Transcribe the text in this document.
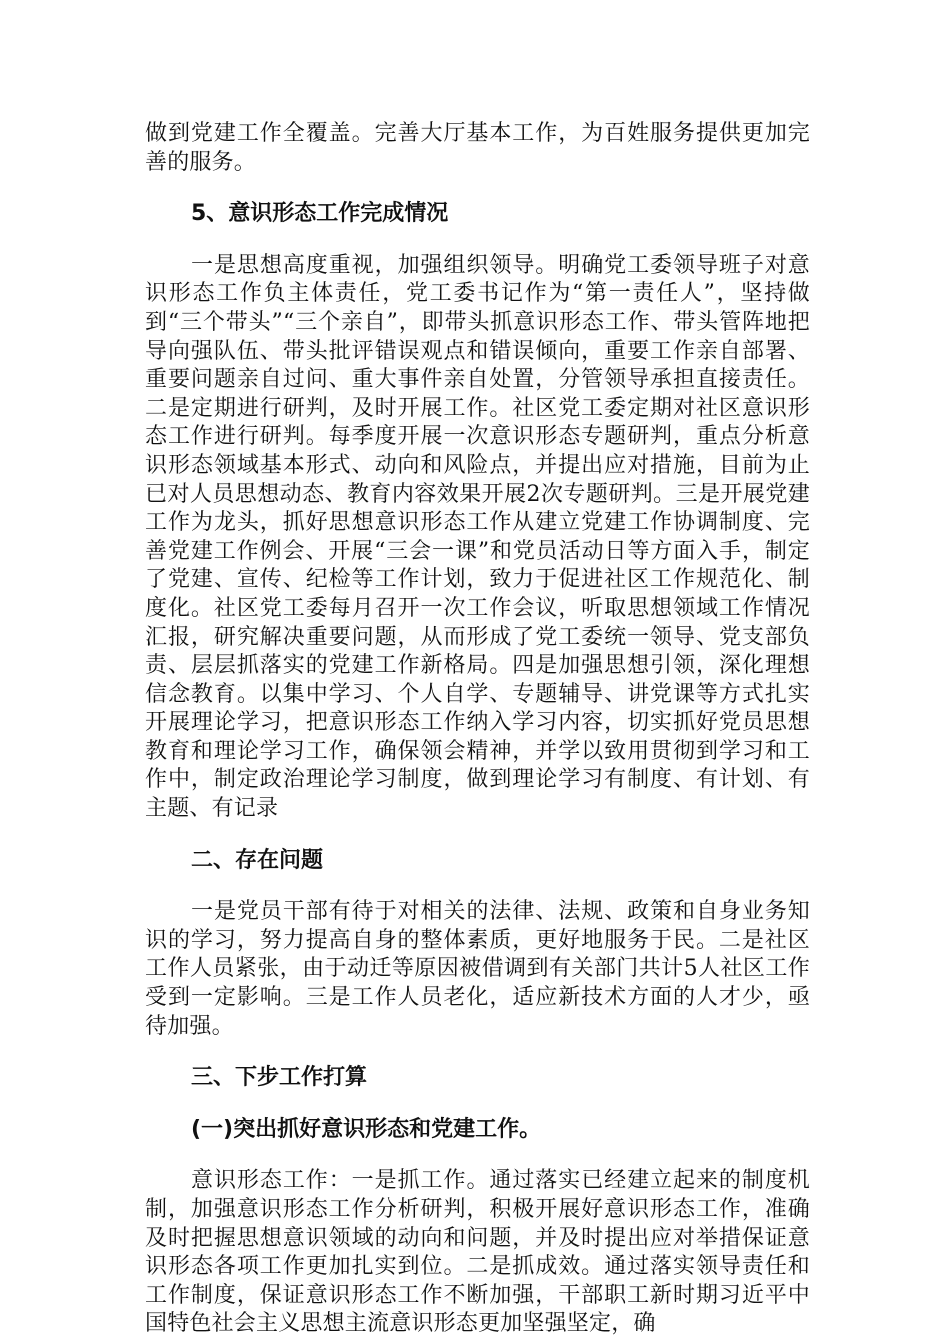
做到党建工作全覆盖。完善大厅基本工作，为百姓服务提供更加完善的服务。

5、意识形态工作完成情况

一是思想高度重视，加强组织领导。明确党工委领导班子对意识形态工作负主体责任，党工委书记作为“第一责任人”，坚持做到“三个带头”“三个亲自”，即带头抓意识形态工作、带头管阵地把导向强队伍、带头批评错误观点和错误倾向，重要工作亲自部署、重要问题亲自过问、重大事件亲自处置，分管领导承担直接责任。二是定期进行研判，及时开展工作。社区党工委定期对社区意识形态工作进行研判。每季度开展一次意识形态专题研判，重点分析意识形态领域基本形式、动向和风险点，并提出应对措施，目前为止已对人员思想动态、教育内容效果开展2次专题研判。三是开展党建工作为龙头，抓好思想意识形态工作从建立党建工作协调制度、完善党建工作例会、开展“三会一课”和党员活动日等方面入手，制定了党建、宣传、纪检等工作计划，致力于促进社区工作规范化、制度化。社区党工委每月召开一次工作会议，听取思想领域工作情况汇报，研究解决重要问题，从而形成了党工委统一领导、党支部负责、层层抓落实的党建工作新格局。四是加强思想引领，深化理想信念教育。以集中学习、个人自学、专题辅导、讲党课等方式扎实开展理论学习，把意识形态工作纳入学习内容，切实抓好党员思想教育和理论学习工作，确保领会精神，并学以致用贯彻到学习和工作中，制定政治理论学习制度，做到理论学习有制度、有计划、有主题、有记录

二、存在问题

一是党员干部有待于对相关的法律、法规、政策和自身业务知识的学习，努力提高自身的整体素质，更好地服务于民。二是社区工作人员紧张，由于动迁等原因被借调到有关部门共计5人社区工作受到一定影响。三是工作人员老化，适应新技术方面的人才少，亟待加强。

三、下步工作打算

(一)突出抓好意识形态和党建工作。

意识形态工作：一是抓工作。通过落实已经建立起来的制度机制，加强意识形态工作分析研判，积极开展好意识形态工作，准确及时把握思想意识领域的动向和问题，并及时提出应对举措保证意识形态各项工作更加扎实到位。二是抓成效。通过落实领导责任和工作制度，保证意识形态工作不断加强，干部职工新时期习近平中国特色社会主义思想主流意识形态更加坚强坚定，确
